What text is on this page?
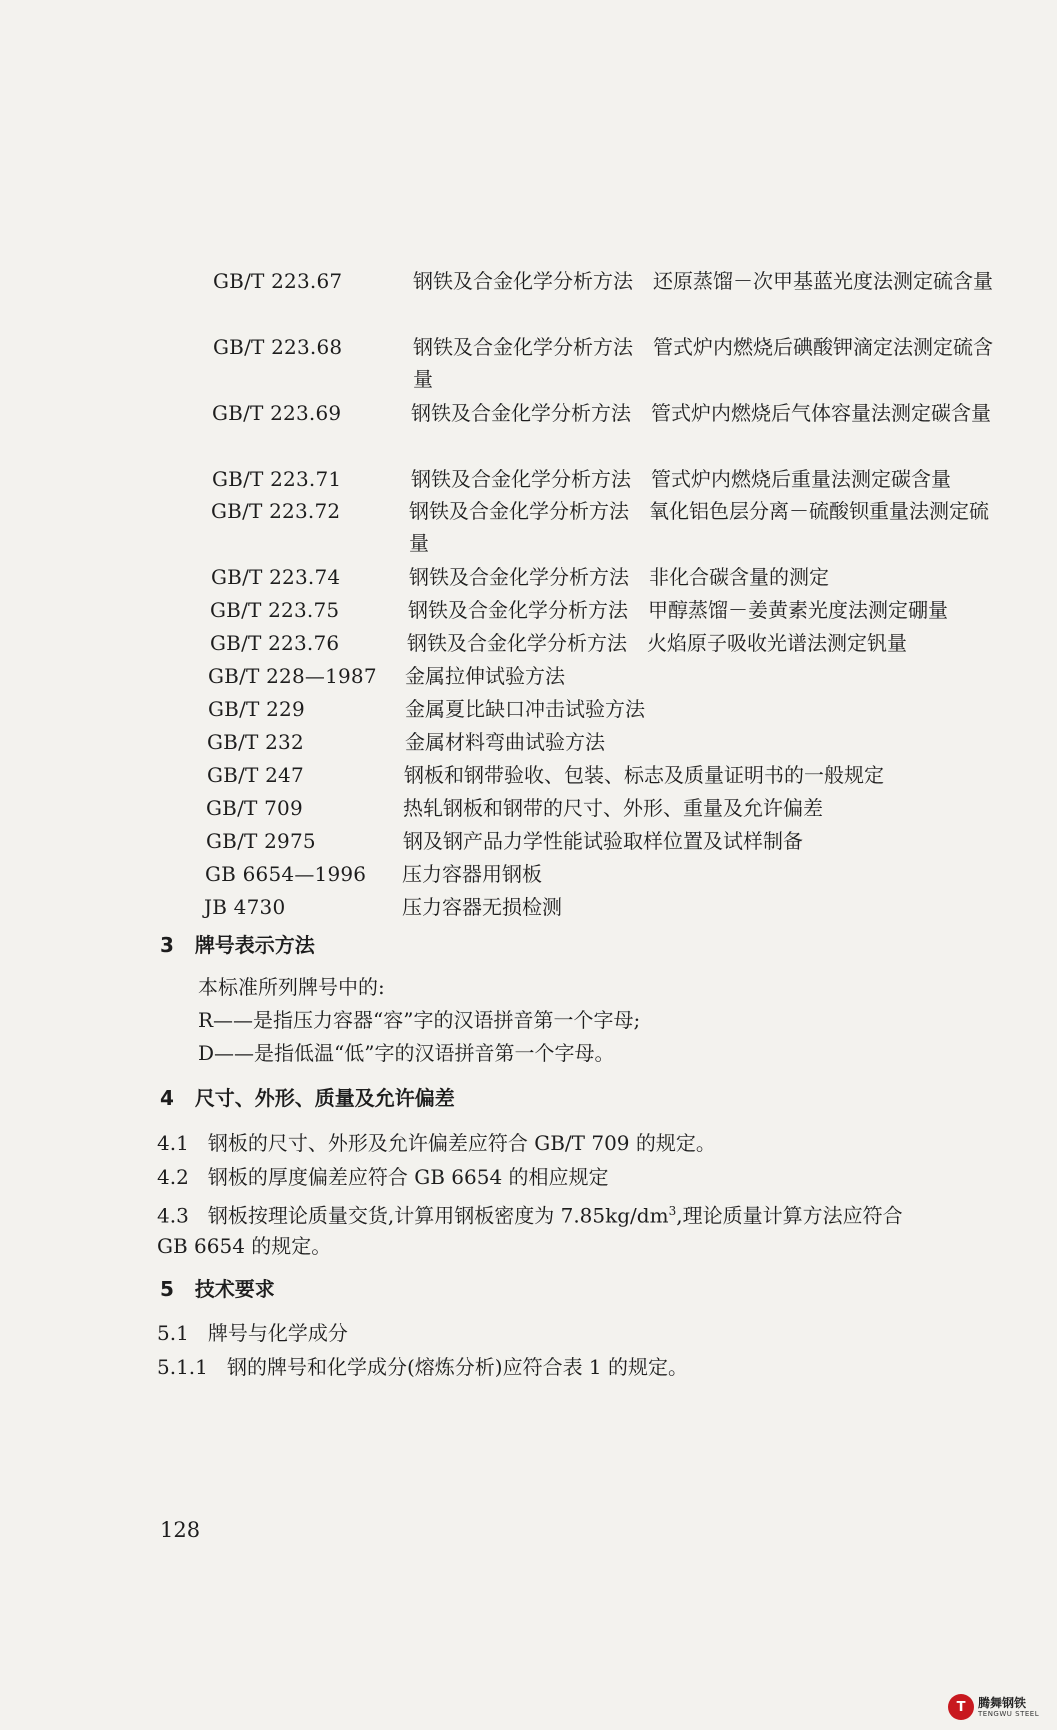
GB/T 223.67	钢铁及合金化学分析方法　还原蒸馏－次甲基蓝光度法测定硫含量
GB/T 223.68	钢铁及合金化学分析方法　管式炉内燃烧后碘酸钾滴定法测定硫含量
GB/T 223.69	钢铁及合金化学分析方法　管式炉内燃烧后气体容量法测定碳含量
GB/T 223.71	钢铁及合金化学分析方法　管式炉内燃烧后重量法测定碳含量
GB/T 223.72	钢铁及合金化学分析方法　氧化铝色层分离－硫酸钡重量法测定硫量
GB/T 223.74	钢铁及合金化学分析方法　非化合碳含量的测定
GB/T 223.75	钢铁及合金化学分析方法　甲醇蒸馏－姜黄素光度法测定硼量
GB/T 223.76	钢铁及合金化学分析方法　火焰原子吸收光谱法测定钒量
GB/T 228—1987 金属拉伸试验方法
GB/T 229	金属夏比缺口冲击试验方法
GB/T 232	金属材料弯曲试验方法
GB/T 247	钢板和钢带验收、包装、标志及质量证明书的一般规定
GB/T 709	热轧钢板和钢带的尺寸、外形、重量及允许偏差
GB/T 2975	钢及钢产品力学性能试验取样位置及试样制备
GB 6654—1996 压力容器用钢板
JB 4730	压力容器无损检测
3 牌号表示方法
本标准所列牌号中的:
R——是指压力容器“容”字的汉语拼音第一个字母;
D——是指低温“低”字的汉语拼音第一个字母。
4 尺寸、外形、质量及允许偏差
4.1 钢板的尺寸、外形及允许偏差应符合 GB/T 709 的规定。
4.2 钢板的厚度偏差应符合 GB 6654 的相应规定
4.3 钢板按理论质量交货,计算用钢板密度为 $7.85kg/dm^3$,理论质量计算方法应符合
GB 6654 的规定。
5 技术要求
5.1 牌号与化学成分
5.1.1 钢的牌号和化学成分(熔炼分析)应符合表 1 的规定。
128
T 腾舞钢铁
TENGWU STEEL
